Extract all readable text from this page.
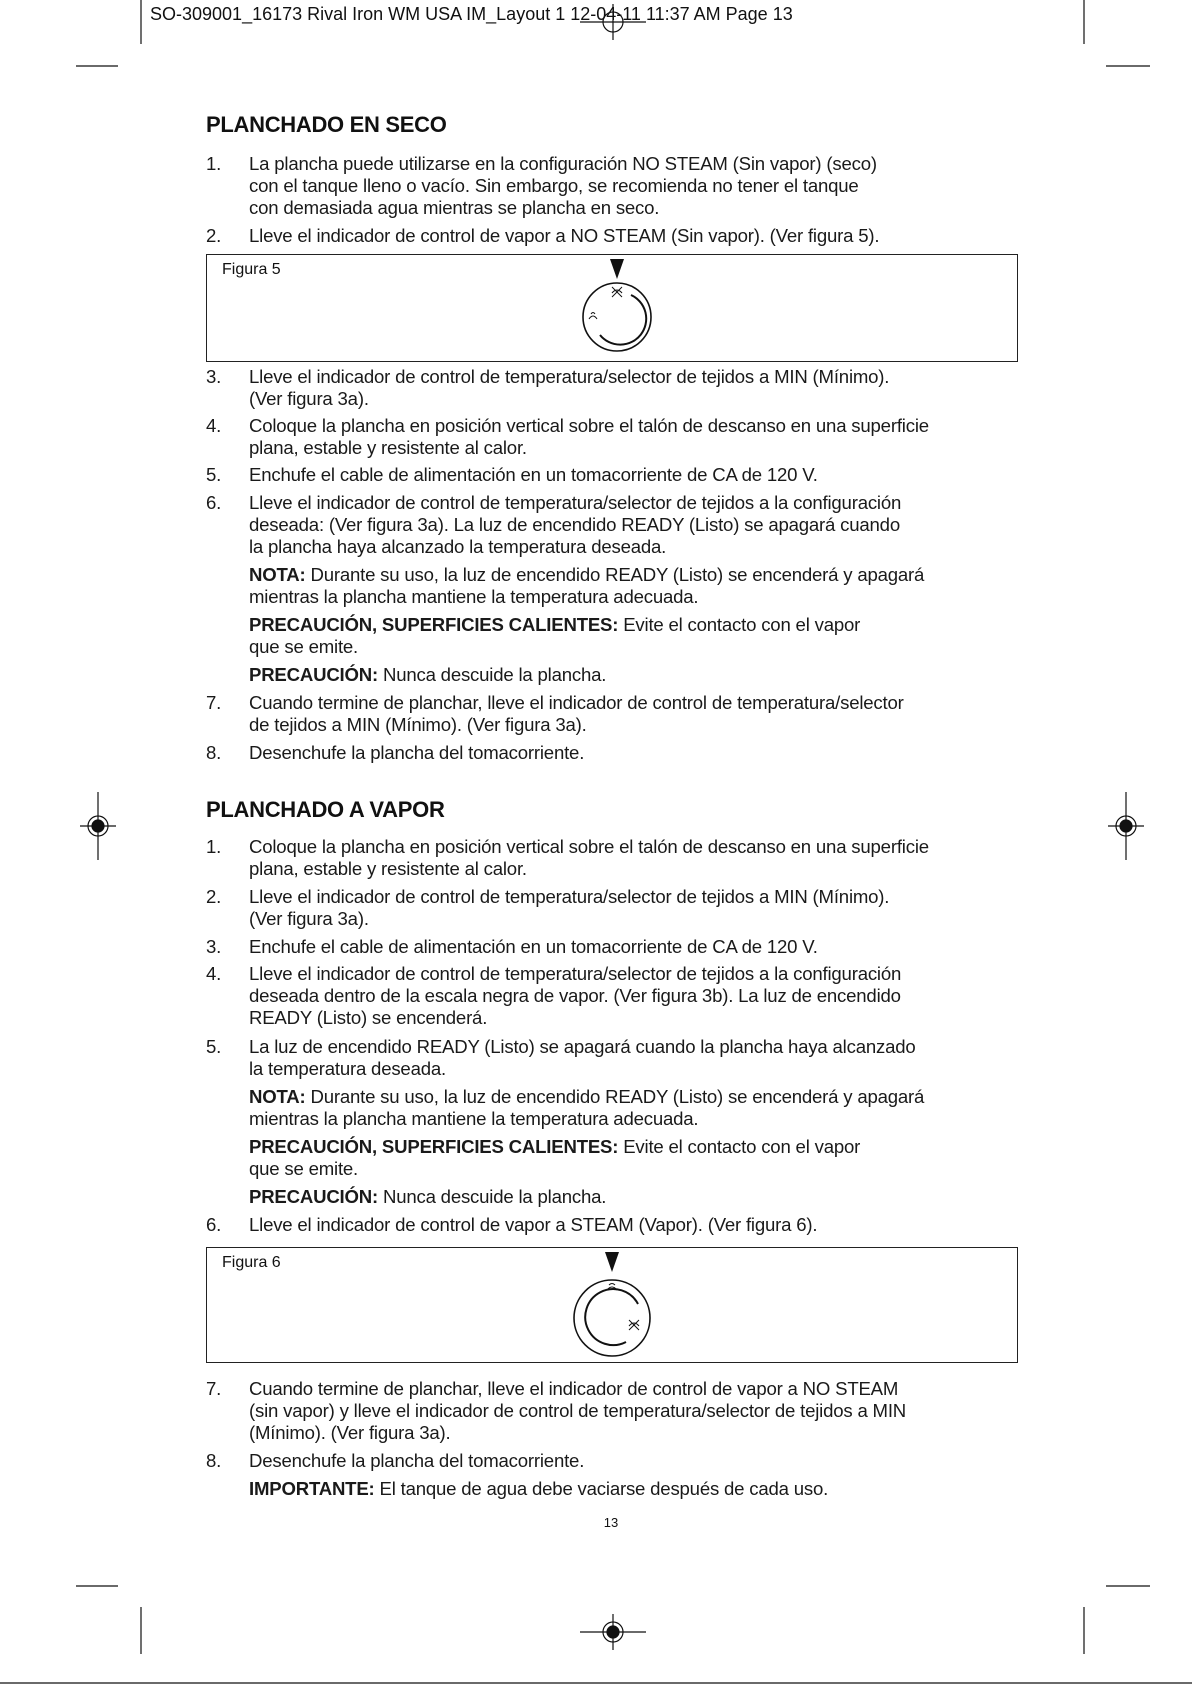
SO-309001_16173 Rival Iron WM USA IM_Layout 1 12-04-11 11:37 AM Page 13
PLANCHADO EN SECO
1. La plancha puede utilizarse en la configuración NO STEAM (Sin vapor) (seco)
con el tanque lleno o vacío. Sin embargo, se recomienda no tener el tanque
con demasiada agua mientras se plancha en seco.
2. Lleve el indicador de control de vapor a NO STEAM (Sin vapor). (Ver figura 5).
Figura 5
3. Lleve el indicador de control de temperatura/selector de tejidos a MIN (Mínimo).
(Ver figura 3a).
4. Coloque la plancha en posición vertical sobre el talón de descanso en una superficie
plana, estable y resistente al calor.
5. Enchufe el cable de alimentación en un tomacorriente de CA de 120 V.
6. Lleve el indicador de control de temperatura/selector de tejidos a la configuración
deseada: (Ver figura 3a). La luz de encendido READY (Listo) se apagará cuando
la plancha haya alcanzado la temperatura deseada.
NOTA: Durante su uso, la luz de encendido READY (Listo) se encenderá y apagará
mientras la plancha mantiene la temperatura adecuada.
PRECAUCIÓN, SUPERFICIES CALIENTES: Evite el contacto con el vapor
que se emite.
PRECAUCIÓN: Nunca descuide la plancha.
7. Cuando termine de planchar, lleve el indicador de control de temperatura/selector
de tejidos a MIN (Mínimo). (Ver figura 3a).
8. Desenchufe la plancha del tomacorriente.
PLANCHADO A VAPOR
1. Coloque la plancha en posición vertical sobre el talón de descanso en una superficie
plana, estable y resistente al calor.
2. Lleve el indicador de control de temperatura/selector de tejidos a MIN (Mínimo).
(Ver figura 3a).
3. Enchufe el cable de alimentación en un tomacorriente de CA de 120 V.
4. Lleve el indicador de control de temperatura/selector de tejidos a la configuración
deseada dentro de la escala negra de vapor. (Ver figura 3b). La luz de encendido
READY (Listo) se encenderá.
5. La luz de encendido READY (Listo) se apagará cuando la plancha haya alcanzado
la temperatura deseada.
NOTA: Durante su uso, la luz de encendido READY (Listo) se encenderá y apagará
mientras la plancha mantiene la temperatura adecuada.
PRECAUCIÓN, SUPERFICIES CALIENTES: Evite el contacto con el vapor
que se emite.
PRECAUCIÓN: Nunca descuide la plancha.
6. Lleve el indicador de control de vapor a STEAM (Vapor). (Ver figura 6).
Figura 6
7. Cuando termine de planchar, lleve el indicador de control de vapor a NO STEAM
(sin vapor) y lleve el indicador de control de temperatura/selector de tejidos a MIN
(Mínimo). (Ver figura 3a).
8. Desenchufe la plancha del tomacorriente.
IMPORTANTE: El tanque de agua debe vaciarse después de cada uso.
13
